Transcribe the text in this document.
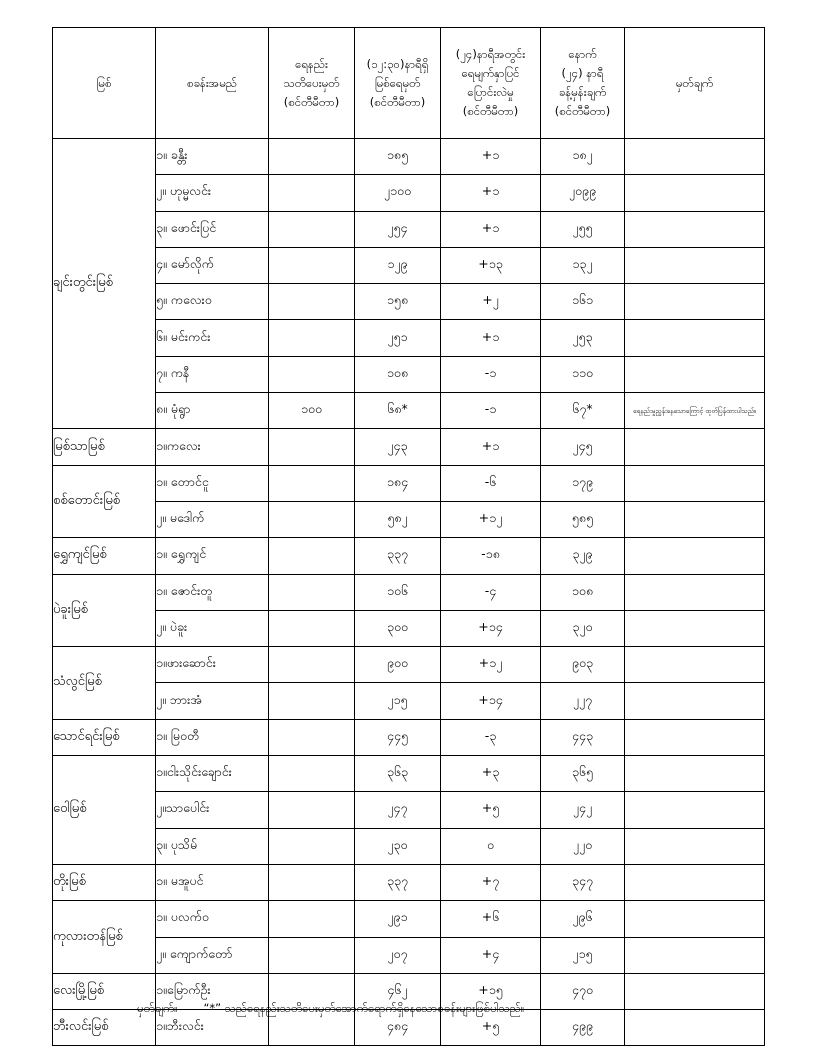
မြစ်	စခန်းအမည်	ရေနည်း
သတိပေးမှတ်
(စင်တီမီတာ)	(၁၂:၃၀)နာရီရှိ
မြစ်ရေမှတ်
(စင်တီမီတာ)	(၂၄)နာရီအတွင်း
ရေမျက်နှာပြင်
ပြောင်းလဲမှု
(စင်တီမီတာ)	နောက်
(၂၄) နာရီ
ခန့်မှန်းချက်
(စင်တီမီတာ)	မှတ်ချက်
ချင်းတွင်းမြစ်	၁။ ခန္တီး		၁၈၅	+၁	၁၈၂	
	၂။ ဟုမ္မလင်း		၂၁၀၀	+၁	၂၀၉၉	
	၃။ ဖောင်းပြင်		၂၅၄	+၁	၂၅၅	
	၄။ မော်လိုက်		၁၂၉	+၁၃	၁၃၂	
	၅။ ကလေးဝ		၁၅၈	+၂	၁၆၁	
	၆။ မင်းကင်း		၂၅၁	+၁	၂၅၃	
	၇။ ကနီ		၁၀၈	-၁	၁၁၀	
	၈။ မုံရွာ	၁၀၀	၆၈*	-၁	၆၇*	ရေနည်းမှုညွှန်းနေသောကြောင့် ထုတ်ပြန်ထားပါသည်။
မြစ်သာမြစ်	၁။ကလေး		၂၄၃	+၁	၂၄၅	
စစ်တောင်းမြစ်	၁။ တောင်ငူ		၁၈၄	-၆	၁၇၉	
	၂။ မဒေါက်		၅၈၂	+၁၂	၅၈၅	
ရွှေကျင်မြစ်	၁။ ရွှေကျင်		၃၃၇	-၁၈	၃၂၉	
ပဲခူးမြစ်	၁။ ဇောင်းတူ		၁၀၆	-၄	၁၀၈	
	၂။ ပဲခူး		၃၀၀	+၁၄	၃၂၀	
သံလွင်မြစ်	၁။ဖားဆောင်း		၉၀၀	+၁၂	၉၀၃	
	၂။ ဘားအံ		၂၁၅	+၁၄	၂၂၇	
သောင်ရင်းမြစ်	၁။ မြဝတီ		၄၄၅	-၃	၄၄၃	
ဝေါမြစ်	၁။ငါးသိုင်းချောင်း		၃၆၃	+၃	၃၆၅	
	၂။သာပေါင်း		၂၄၇	+၅	၂၄၂	
	၃။ ပုသိမ်		၂၃၀	၀	၂၂၀	
တိုးမြစ်	၁။ မအူပင်		၃၃၇	+၇	၃၄၇	
ကုလားတန်မြစ်	၁။ ပလက်ဝ		၂၉၁	+၆	၂၉၆	
	၂။ ကျောက်တော်		၂၀၇	+၄	၂၁၅	
လေးမြို့မြစ်	၁။မြောက်ဦး		၄၆၂	+၁၅	၄၇၀	
ဘီးလင်းမြစ်	၁။ဘီးလင်း		၄၈၄	+၅	၄၉၉	
မှတ်ချက်။ “*” သည်ရေနည်းသတိပေးမှတ်အောက်ရောက်ရှိနေသောစခန်းများဖြစ်ပါသည်။
